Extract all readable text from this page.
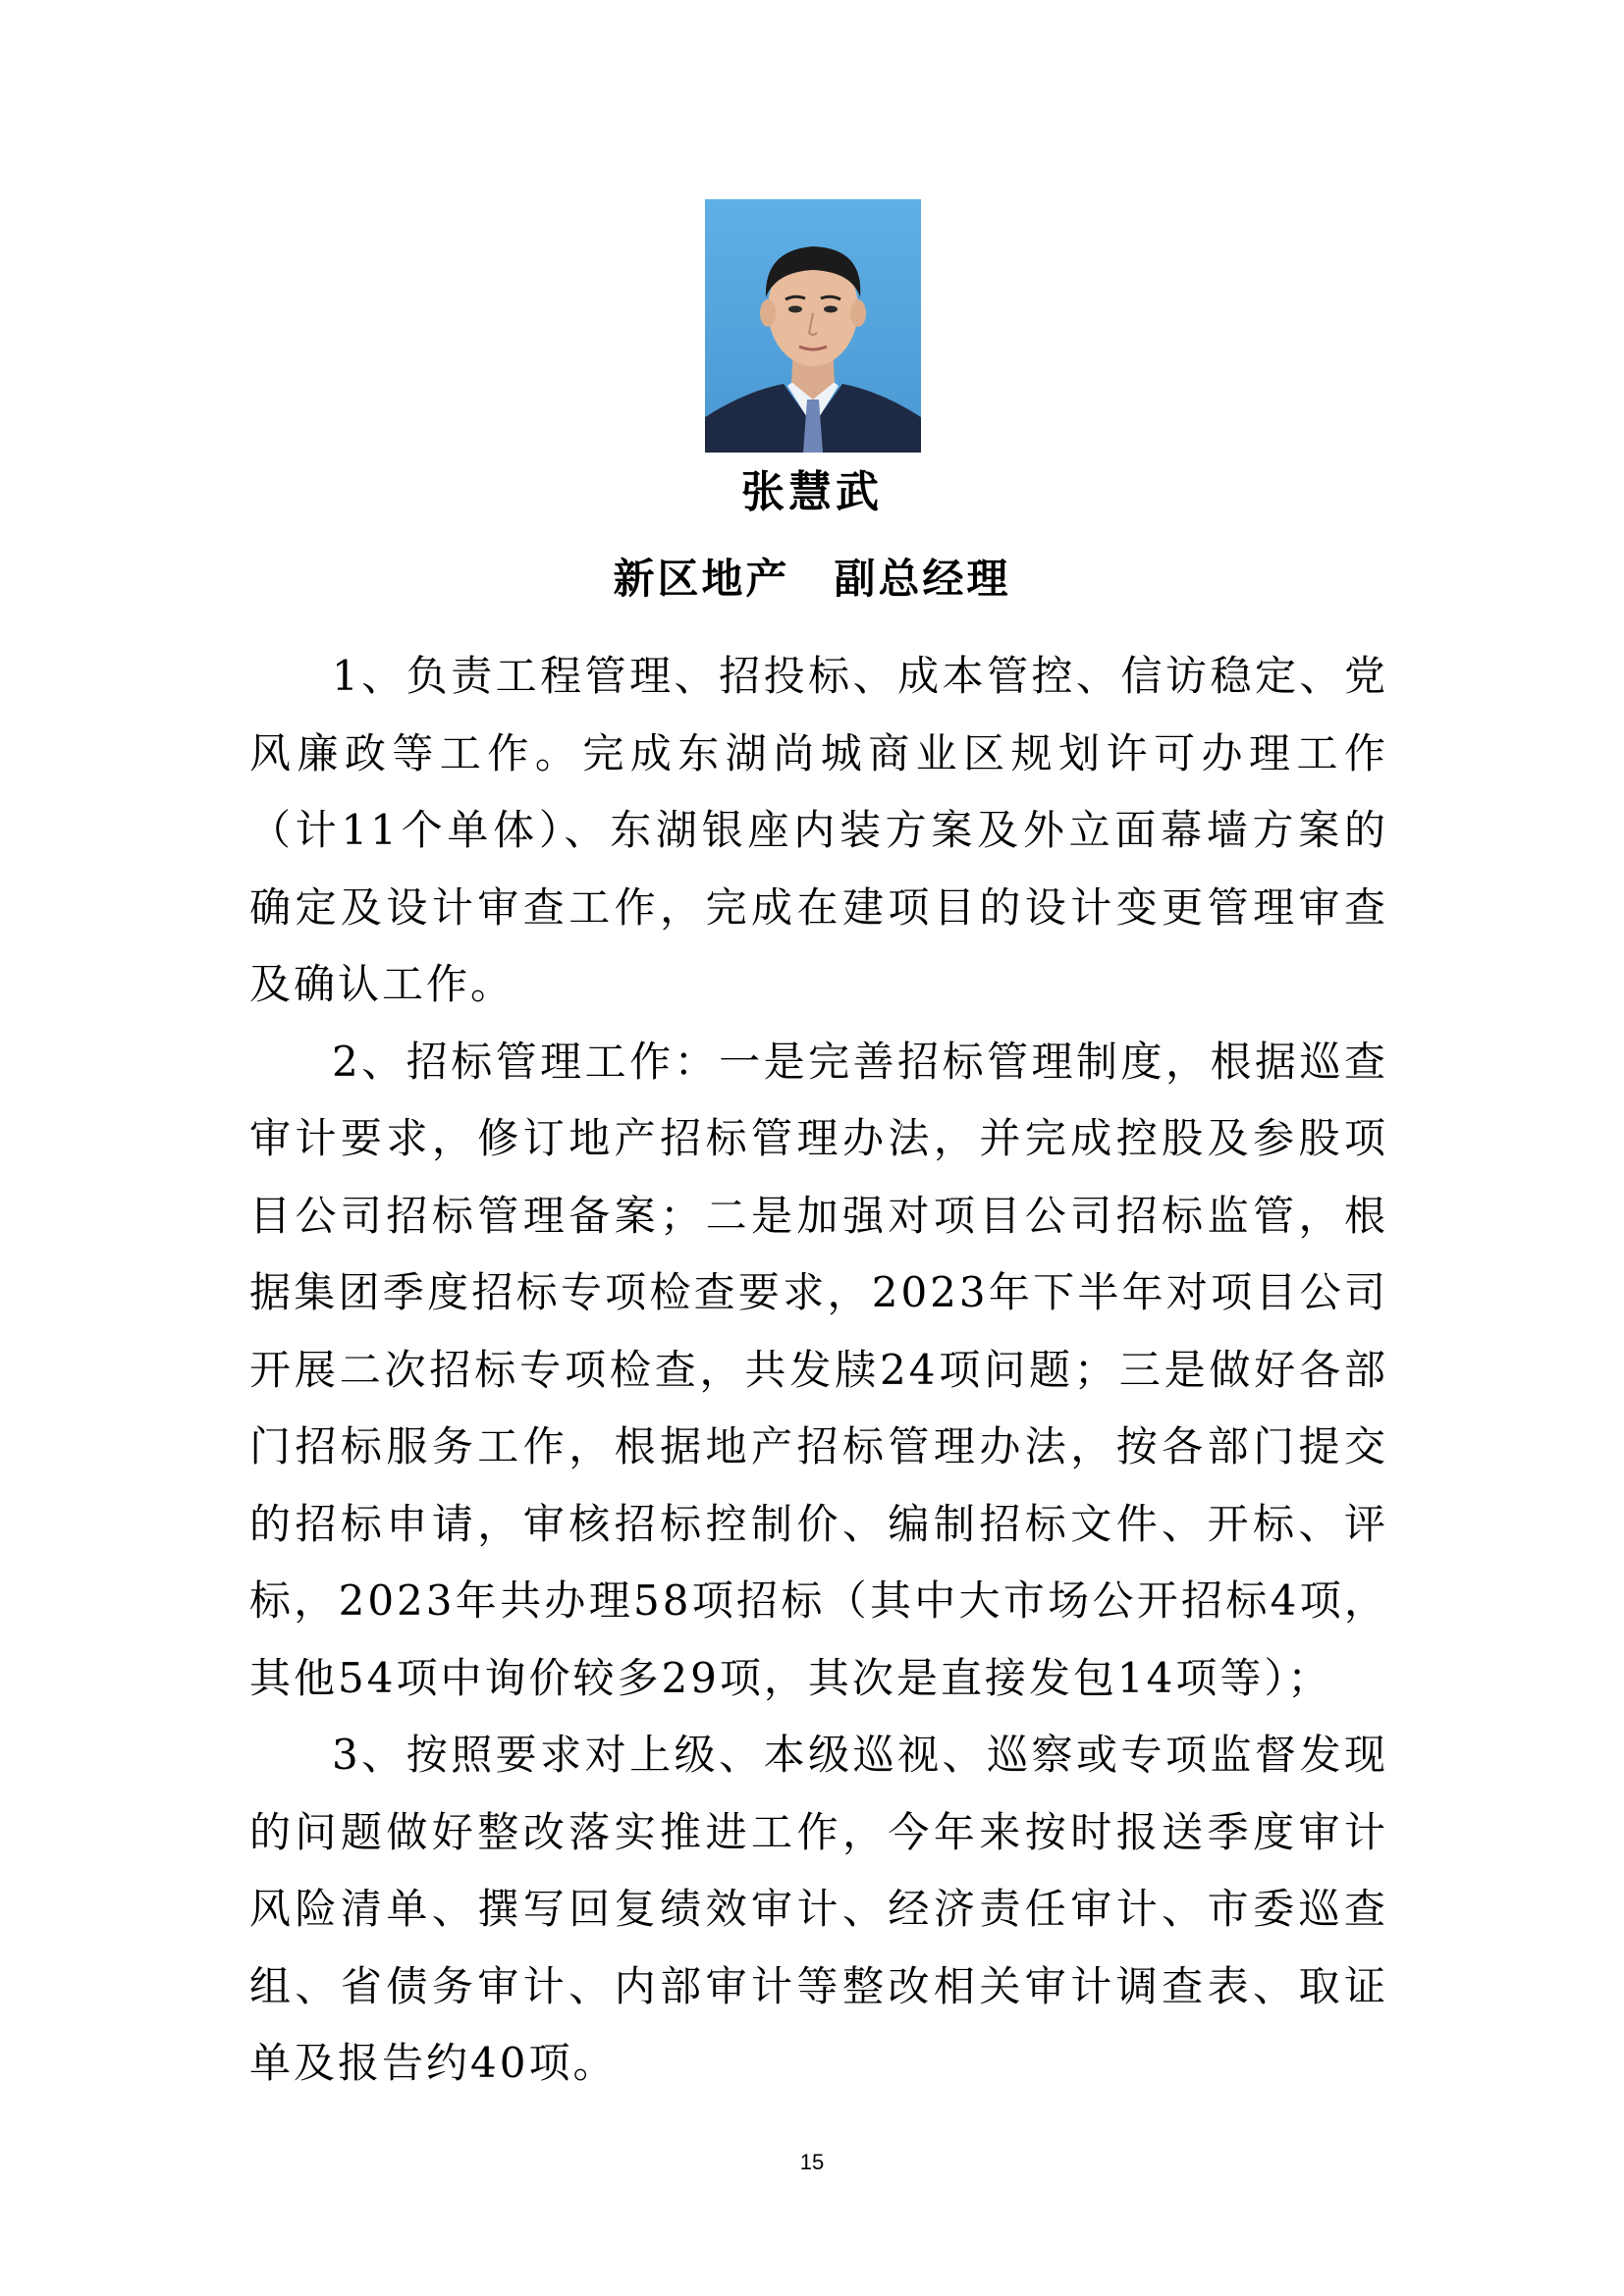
张慧武
新区地产　副总经理

1、负责工程管理、招投标、成本管控、信访稳定、党风廉政等工作。完成东湖尚城商业区规划许可办理工作（计11个单体）、东湖银座内装方案及外立面幕墙方案的确定及设计审查工作，完成在建项目的设计变更管理审查及确认工作。

2、招标管理工作：一是完善招标管理制度，根据巡查审计要求，修订地产招标管理办法，并完成控股及参股项目公司招标管理备案；二是加强对项目公司招标监管，根据集团季度招标专项检查要求，2023年下半年对项目公司开展二次招标专项检查，共发牍24项问题；三是做好各部门招标服务工作，根据地产招标管理办法，按各部门提交的招标申请，审核招标控制价、编制招标文件、开标、评标，2023年共办理58项招标（其中大市场公开招标4项，其他54项中询价较多29项，其次是直接发包14项等）；

3、按照要求对上级、本级巡视、巡察或专项监督发现的问题做好整改落实推进工作，今年来按时报送季度审计风险清单、撰写回复绩效审计、经济责任审计、市委巡查组、省债务审计、内部审计等整改相关审计调查表、取证单及报告约40项。

15
